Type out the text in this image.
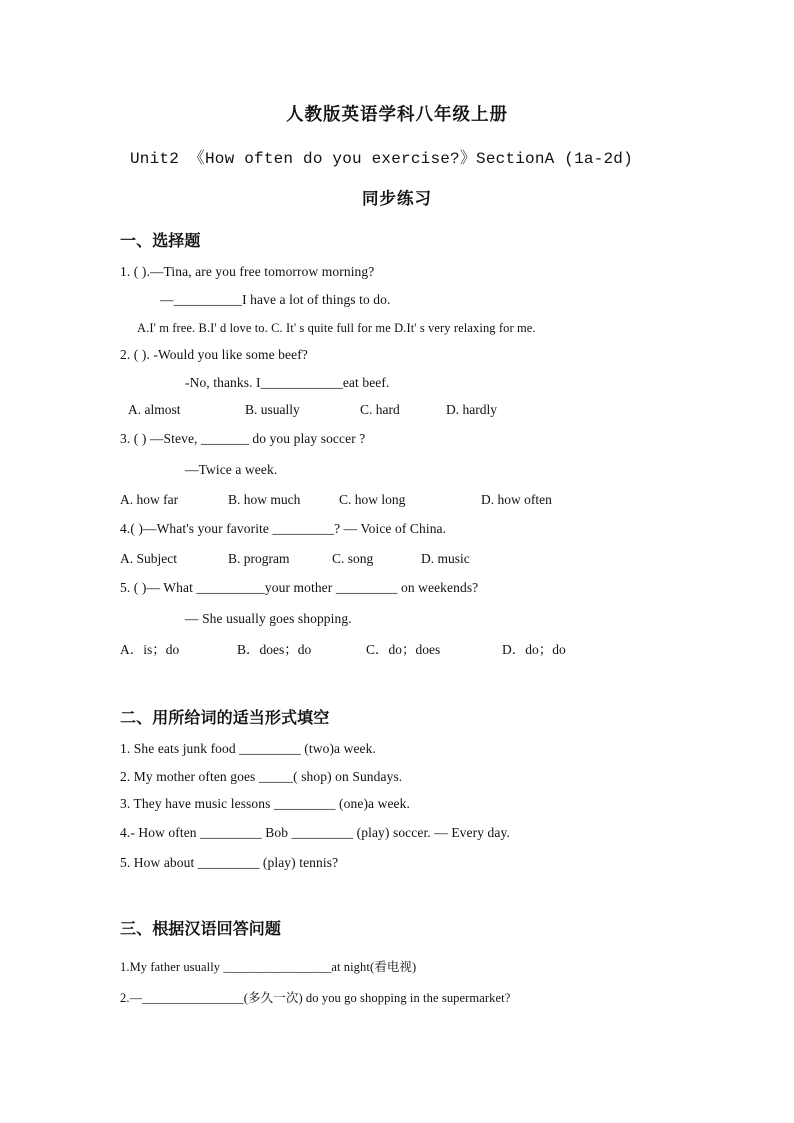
人教版英语学科八年级上册
Unit2 《How often do you exercise?》SectionA (1a-2d)
同步练习
一、选择题
1. ( ).—Tina, are you free tomorrow morning?
—__________I have a lot of things to do.
A.I' m free. B.I' d love to. C. It' s quite full for me D.It' s very relaxing for me.
2. ( ). -Would you like some beef?
-No, thanks. I____________eat beef.
A. almost	B. usually	C. hard	D. hardly
3. ( ) —Steve, _______ do you play soccer ?
—Twice a week.
A. how far	B. how much	C. how long	D. how often
4.( )—What's your favorite _________? — Voice of China.
A. Subject	B. program	C. song	D. music
5. ( )— What __________your mother _________ on weekends?
— She usually goes shopping.
A．is；do	B．does；do	C．do；does	D．do；do
二、用所给词的适当形式填空
1. She eats junk food _________ (two)a week.
2. My mother often goes _____( shop) on Sundays.
3. They have music lessons _________ (one)a week.
4.- How often _________ Bob _________ (play) soccer. — Every day.
5. How about _________ (play) tennis?
三、根据汉语回答问题
1.My father usually _________________at night(看电视)
2.—________________(多久一次) do you go shopping in the supermarket?
